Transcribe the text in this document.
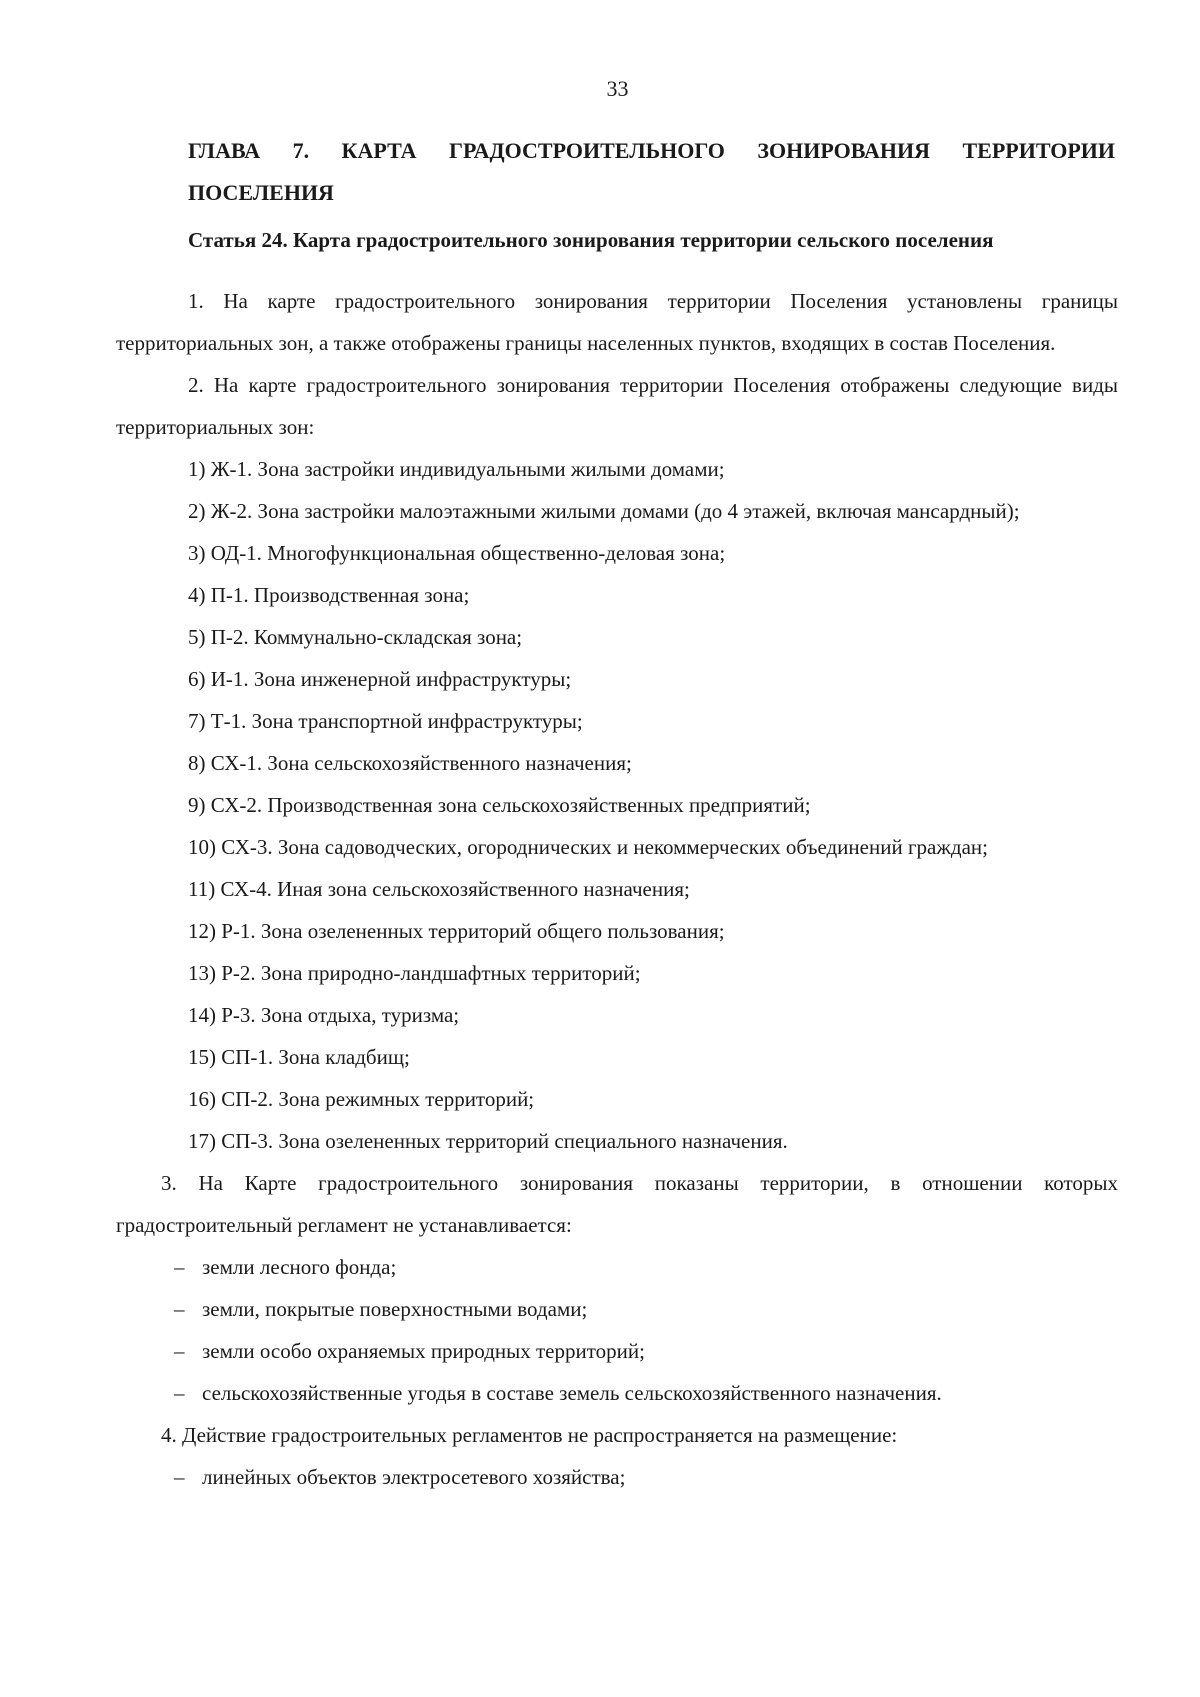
33
ГЛАВА 7. КАРТА ГРАДОСТРОИТЕЛЬНОГО ЗОНИРОВАНИЯ ТЕРРИТОРИИ
ПОСЕЛЕНИЯ
Статья 24. Карта градостроительного зонирования территории сельского поселения

1. На карте градостроительного зонирования территории Поселения установлены границы территориальных зон, а также отображены границы населенных пунктов, входящих в состав Поселения.

2. На карте градостроительного зонирования территории Поселения отображены следующие виды территориальных зон:

1) Ж-1. Зона застройки индивидуальными жилыми домами;

2) Ж-2. Зона застройки малоэтажными жилыми домами (до 4 этажей, включая мансардный);

3) ОД-1. Многофункциональная общественно-деловая зона;

4) П-1. Производственная зона;

5) П-2. Коммунально-складская зона;

6) И-1. Зона инженерной инфраструктуры;

7) Т-1. Зона транспортной инфраструктуры;

8) СХ-1. Зона сельскохозяйственного назначения;

9) СХ-2. Производственная зона сельскохозяйственных предприятий;

10) СХ-3. Зона садоводческих, огороднических и некоммерческих объединений граждан;

11) СХ-4. Иная зона сельскохозяйственного назначения;

12) Р-1. Зона озелененных территорий общего пользования;

13) Р-2. Зона природно-ландшафтных территорий;

14) Р-3. Зона отдыха, туризма;

15) СП-1. Зона кладбищ;

16) СП-2. Зона режимных территорий;

17) СП-3. Зона озелененных территорий специального назначения.

3. На Карте градостроительного зонирования показаны территории, в отношении которых градостроительный регламент не устанавливается:

– земли лесного фонда;

– земли, покрытые поверхностными водами;

– земли особо охраняемых природных территорий;

– сельскохозяйственные угодья в составе земель сельскохозяйственного назначения.

4. Действие градостроительных регламентов не распространяется на размещение:

– линейных объектов электросетевого хозяйства;
